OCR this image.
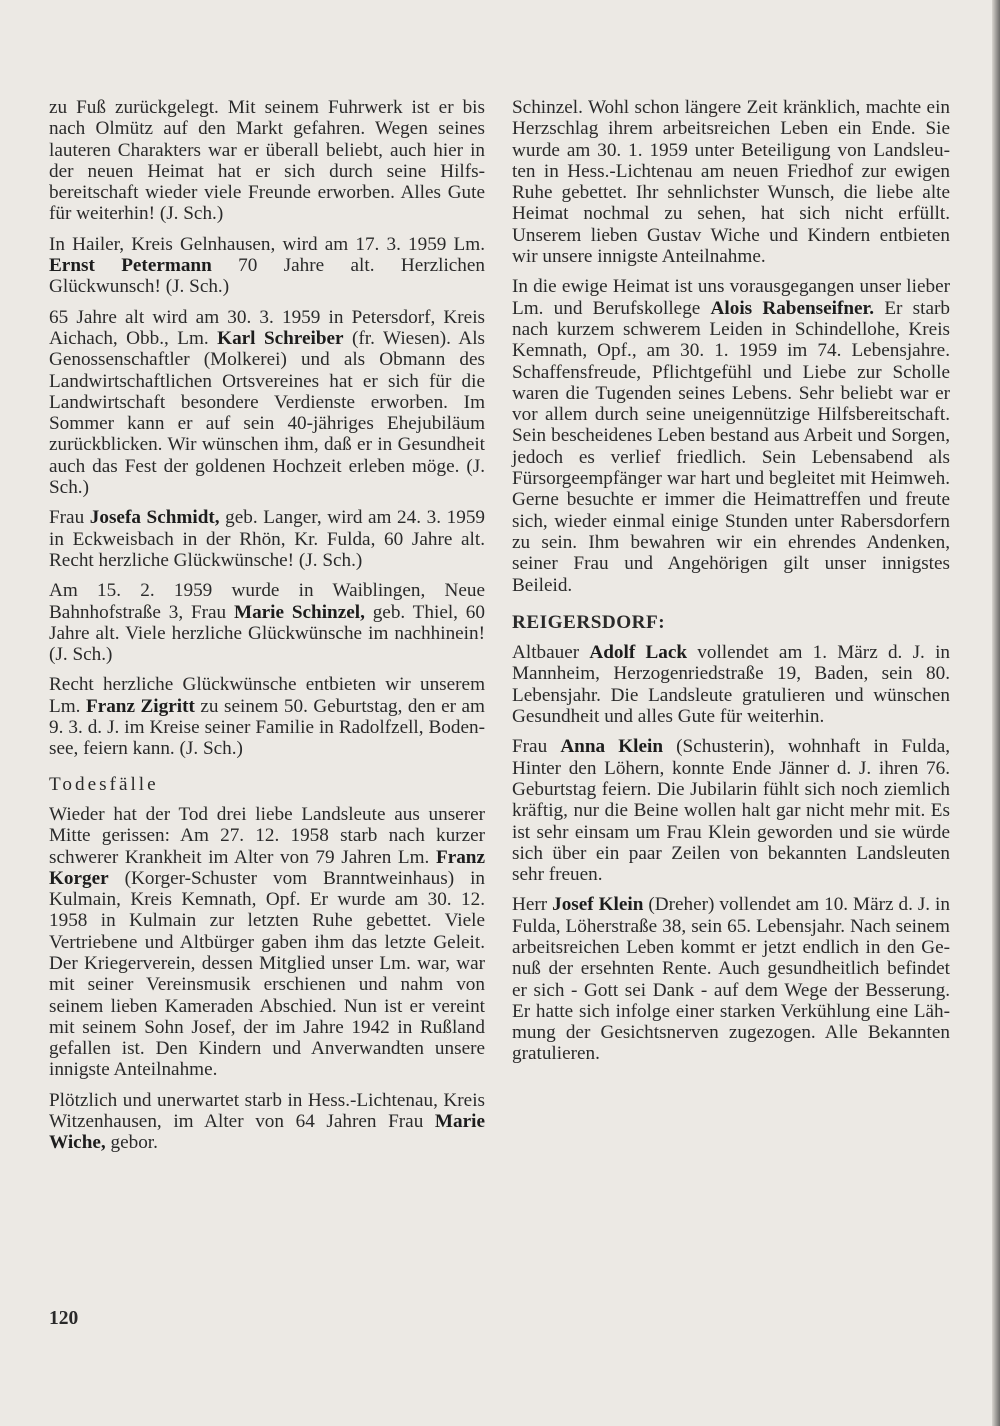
zu Fuß zurückgelegt. Mit seinem Fuhrwerk ist er bis nach Olmütz auf den Markt gefahren. Wegen seines lauteren Charakters war er überall beliebt, auch hier in der neuen Heimat hat er sich durch seine Hilfsbereitschaft wieder viele Freunde erworben. Alles Gute für weiterhin! (J. Sch.)

In Hailer, Kreis Gelnhausen, wird am 17. 3. 1959 Lm. Ernst Petermann 70 Jahre alt. Herzlichen Glückwunsch! (J. Sch.)

65 Jahre alt wird am 30. 3. 1959 in Petersdorf, Kreis Aichach, Obb., Lm. Karl Schreiber (fr. Wiesen). Als Genossenschaftler (Molkerei) und als Obmann des Landwirtschaftlichen Ortsvereines hat er sich für die Landwirtschaft besondere Verdienste erworben. Im Sommer kann er auf sein 40-jähriges Ehejubiläum zurückblicken. Wir wünschen ihm, daß er in Gesundheit auch das Fest der goldenen Hochzeit erleben möge. (J. Sch.)

Frau Josefa Schmidt, geb. Langer, wird am 24. 3. 1959 in Eckweisbach in der Rhön, Kr. Fulda, 60 Jahre alt. Recht herzliche Glückwünsche! (J. Sch.)

Am 15. 2. 1959 wurde in Waiblingen, Neue Bahnhofstraße 3, Frau Marie Schinzel, geb. Thiel, 60 Jahre alt. Viele herzliche Glückwünsche im nachhinein! (J. Sch.)

Recht herzliche Glückwünsche entbieten wir unserem Lm. Franz Zigritt zu seinem 50. Geburtstag, den er am 9. 3. d. J. im Kreise seiner Familie in Radolfzell, Bodensee, feiern kann. (J. Sch.)

Todesfälle

Wieder hat der Tod drei liebe Landsleute aus unserer Mitte gerissen: Am 27. 12. 1958 starb nach kurzer schwerer Krankheit im Alter von 79 Jahren Lm. Franz Korger (Korger-Schuster vom Branntweinhaus) in Kulmain, Kreis Kemnath, Opf. Er wurde am 30. 12. 1958 in Kulmain zur letzten Ruhe gebettet. Viele Vertriebene und Altbürger gaben ihm das letzte Geleit. Der Kriegerverein, dessen Mitglied unser Lm. war, war mit seiner Vereinsmusik erschienen und nahm von seinem lieben Kameraden Abschied. Nun ist er vereint mit seinem Sohn Josef, der im Jahre 1942 in Rußland gefallen ist. Den Kindern und Anverwandten unsere innigste Anteilnahme.

Plötzlich und unerwartet starb in Hess.-Lichtenau, Kreis Witzenhausen, im Alter von 64 Jahren Frau Marie Wiche, gebor.

Schinzel. Wohl schon längere Zeit kränklich, machte ein Herzschlag ihrem arbeitsreichen Leben ein Ende. Sie wurde am 30. 1. 1959 unter Beteiligung von Landsleuten in Hess.-Lichtenau am neuen Friedhof zur ewigen Ruhe gebettet. Ihr sehnlichster Wunsch, die liebe alte Heimat nochmal zu sehen, hat sich nicht erfüllt. Unserem lieben Gustav Wiche und Kindern entbieten wir unsere innigste Anteilnahme.

In die ewige Heimat ist uns vorausgegangen unser lieber Lm. und Berufskollege Alois Rabenseifner. Er starb nach kurzem schwerem Leiden in Schindellohe, Kreis Kemnath, Opf., am 30. 1. 1959 im 74. Lebensjahre. Schaffensfreude, Pflichtgefühl und Liebe zur Scholle waren die Tugenden seines Lebens. Sehr beliebt war er vor allem durch seine uneigennützige Hilfsbereitschaft. Sein bescheidenes Leben bestand aus Arbeit und Sorgen, jedoch es verlief friedlich. Sein Lebensabend als Fürsorgeempfänger war hart und begleitet mit Heimweh. Gerne besuchte er immer die Heimattreffen und freute sich, wieder einmal einige Stunden unter Rabersdorfern zu sein. Ihm bewahren wir ein ehrendes Andenken, seiner Frau und Angehörigen gilt unser innigstes Beileid.

REIGERSDORF:

Altbauer Adolf Lack vollendet am 1. März d. J. in Mannheim, Herzogenriedstraße 19, Baden, sein 80. Lebensjahr. Die Landsleute gratulieren und wünschen Gesundheit und alles Gute für weiterhin.

Frau Anna Klein (Schusterin), wohnhaft in Fulda, Hinter den Löhern, konnte Ende Jänner d. J. ihren 76. Geburtstag feiern. Die Jubilarin fühlt sich noch ziemlich kräftig, nur die Beine wollen halt gar nicht mehr mit. Es ist sehr einsam um Frau Klein geworden und sie würde sich über ein paar Zeilen von bekannten Landsleuten sehr freuen.

Herr Josef Klein (Dreher) vollendet am 10. März d. J. in Fulda, Löherstraße 38, sein 65. Lebensjahr. Nach seinem arbeitsreichen Leben kommt er jetzt endlich in den Genuß der ersehnten Rente. Auch gesundheitlich befindet er sich - Gott sei Dank - auf dem Wege der Besserung. Er hatte sich infolge einer starken Verkühlung eine Lähmung der Gesichtsnerven zugezogen. Alle Bekannten gratulieren.

120
